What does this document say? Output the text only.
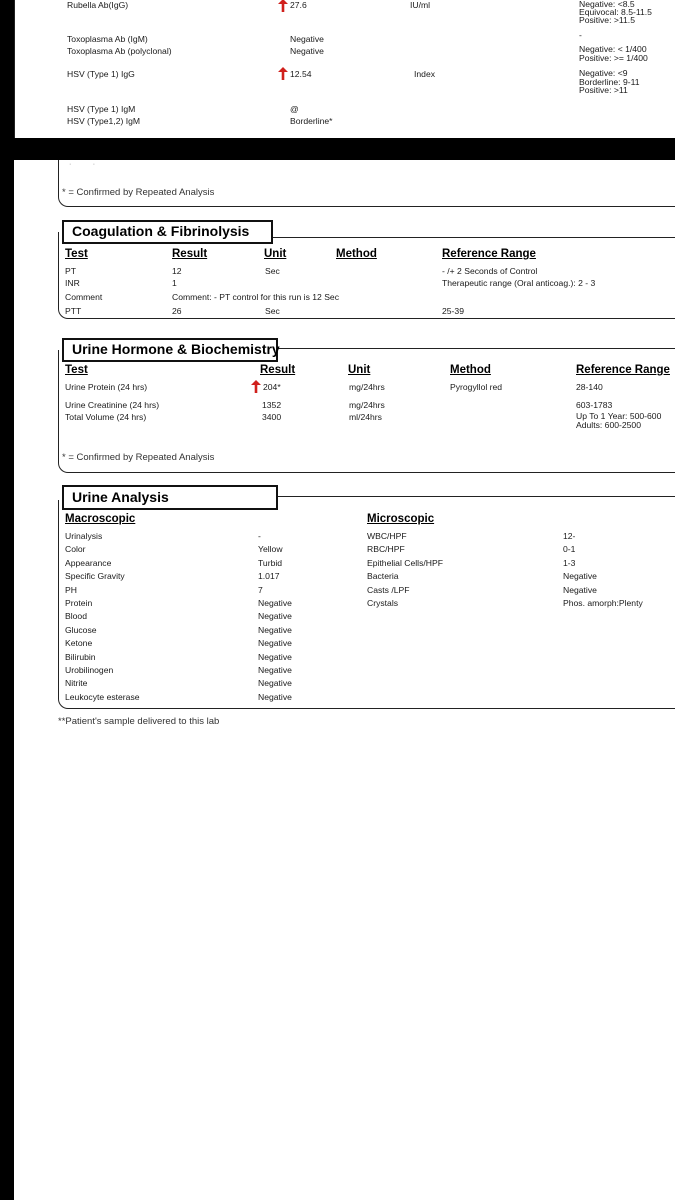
Rubella Ab(IgG)	27.6	IU/ml	Negative: <8.5
Equivocal: 8.5-11.5
Positive: >11.5
Toxoplasma Ab (IgM)	Negative	-
Toxoplasma Ab (polyclonal)	Negative	Negative: < 1/400
Positive: >= 1/400
HSV (Type 1) IgG	12.54	Index	Negative: <9
Borderline: 9-11
Positive: >11
HSV (Type 1) IgM	@
HSV (Type1,2) IgM	Borderline*
·           ·
* = Confirmed by Repeated Analysis
Coagulation & Fibrinolysis
Test	Result	Unit	Method	Reference Range
PT	12	Sec	- /+ 2 Seconds of Control
INR	1	Therapeutic range (Oral anticoag.): 2 - 3
Comment	Comment: - PT control for this run is 12 Sec
PTT	26	Sec	25-39
Urine Hormone & Biochemistry
Test	Result	Unit	Method	Reference Range
Urine Protein (24 hrs)	204*	mg/24hrs	Pyrogyllol red	28-140
Urine Creatinine (24 hrs)	1352	mg/24hrs	603-1783
Total Volume (24 hrs)	3400	ml/24hrs	Up To 1 Year: 500-600
Adults: 600-2500
* = Confirmed by Repeated Analysis
Urine Analysis
Macroscopic	Microscopic
Urinalysis	-
Color	Yellow
Appearance	Turbid
Specific Gravity	1.017
PH	7
Protein	Negative
Blood	Negative
Glucose	Negative
Ketone	Negative
Bilirubin	Negative
Urobilinogen	Negative
Nitrite	Negative
Leukocyte esterase	Negative
WBC/HPF	12-
RBC/HPF	0-1
Epithelial Cells/HPF	1-3
Bacteria	Negative
Casts /LPF	Negative
Crystals	Phos. amorph:Plenty
**Patient's sample delivered to this lab
